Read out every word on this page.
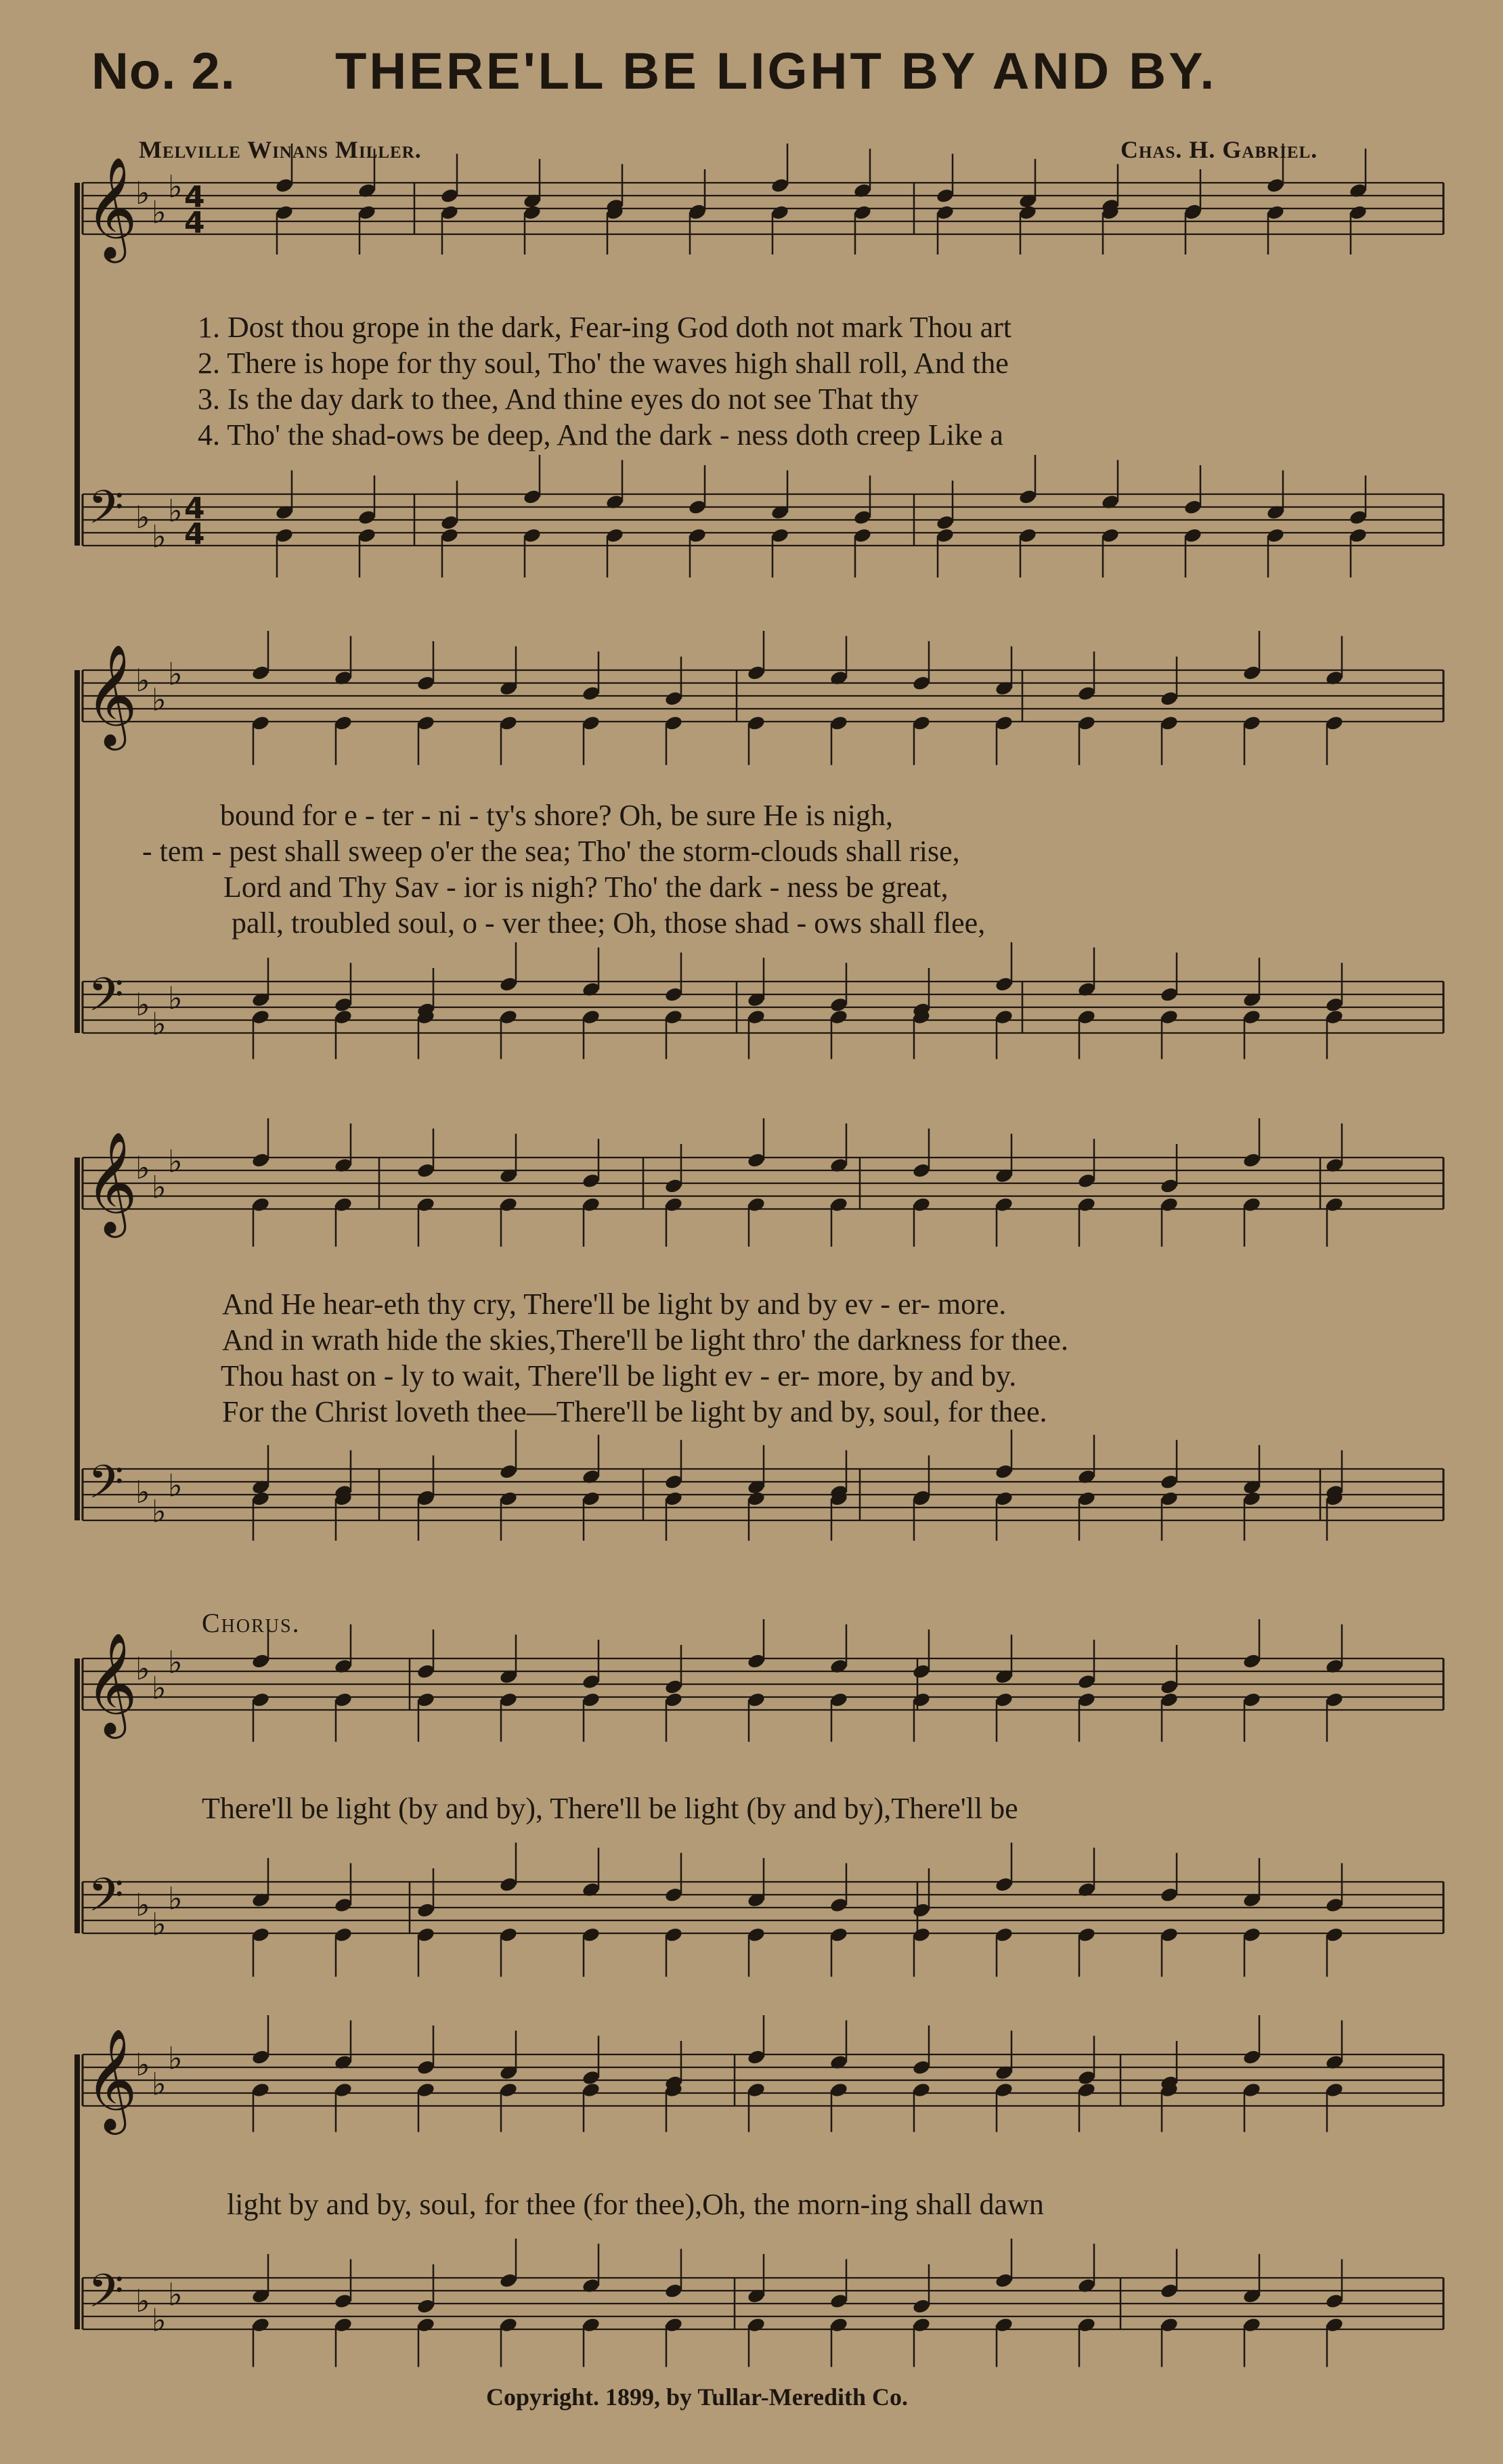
No. 2. THERE'LL BE LIGHT BY AND BY.
Melville Winans Miller.	Chas. H. Gabriel.
𝄞
♭
♭
♭ 4
4
𝄢 ♭
♭
♭ 4
4
𝄞
♭
♭
♭
𝄢 ♭
♭
♭
𝄞
♭
♭
♭
𝄢 ♭
♭
♭
𝄞
♭
♭
♭
𝄢 ♭
♭
♭
𝄞
♭
♭
♭
𝄢 ♭
♭
♭
1. Dost thou grope in the dark, Fear-ing God doth not mark Thou art
2. There is hope for thy soul, Tho' the waves high shall roll, And the
3. Is the day dark to thee, And thine eyes do not see That thy
4. Tho' the shad-ows be deep, And the dark - ness doth creep Like a
bound for e - ter - ni - ty's shore? Oh, be sure He is nigh,
- tem - pest shall sweep o'er the sea; Tho' the storm-clouds shall rise,
Lord and Thy Sav - ior is nigh? Tho' the dark - ness be great,
pall, troubled soul, o - ver thee; Oh, those shad - ows shall flee,
And He hear-eth thy cry, There'll be light by and by ev - er- more.
And in wrath hide the skies,There'll be light thro' the darkness for thee.
Thou hast on - ly to wait, There'll be light ev - er- more, by and by.
For the Christ loveth thee—There'll be light by and by, soul, for thee.
Chorus.
There'll be light (by and by), There'll be light (by and by),There'll be
light by and by, soul, for thee (for thee),Oh, the morn-ing shall dawn
Copyright. 1899, by Tullar-Meredith Co.
